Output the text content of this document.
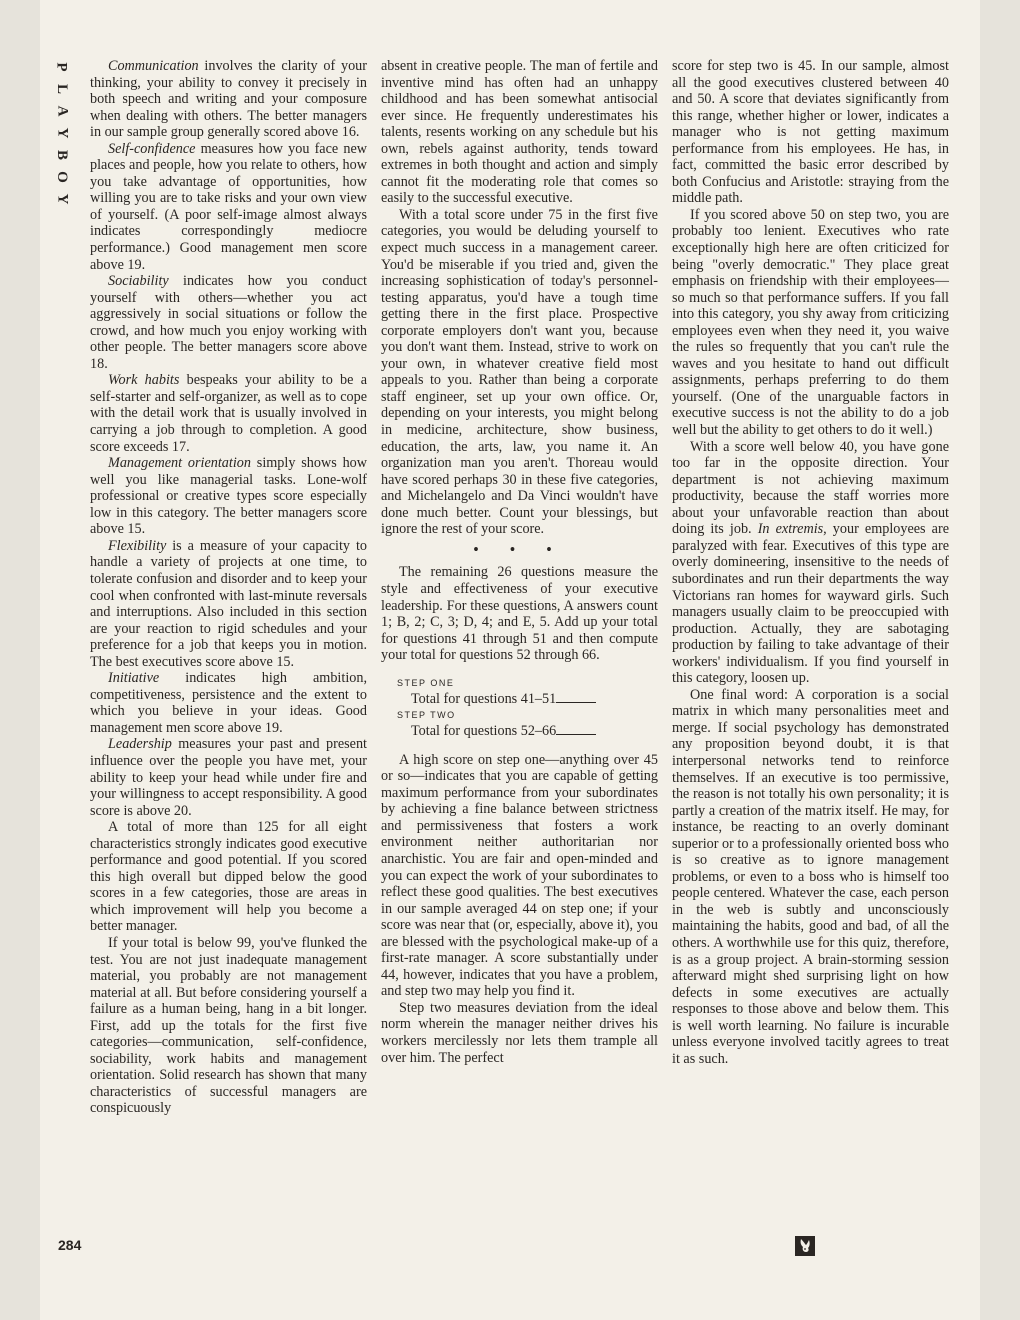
P
L
A
Y
B
O
Y
284

Communication involves the clarity of your thinking, your ability to convey it precisely in both speech and writing and your composure when dealing with others. The better managers in our sample group generally scored above 16.

Self-confidence measures how you face new places and people, how you relate to others, how you take advantage of opportunities, how willing you are to take risks and your own view of yourself. (A poor self-image almost always indicates correspondingly mediocre performance.) Good management men score above 19.

Sociability indicates how you conduct yourself with others—whether you act aggressively in social situations or follow the crowd, and how much you enjoy working with other people. The better managers score above 18.

Work habits bespeaks your ability to be a self-starter and self-organizer, as well as to cope with the detail work that is usually involved in carrying a job through to completion. A good score exceeds 17.

Management orientation simply shows how well you like managerial tasks. Lone-wolf professional or creative types score especially low in this category. The better managers score above 15.

Flexibility is a measure of your capacity to handle a variety of projects at one time, to tolerate confusion and disorder and to keep your cool when confronted with last-minute reversals and interruptions. Also included in this section are your reaction to rigid schedules and your preference for a job that keeps you in motion. The best executives score above 15.

Initiative indicates high ambition, competitiveness, persistence and the extent to which you believe in your ideas. Good management men score above 19.

Leadership measures your past and present influence over the people you have met, your ability to keep your head while under fire and your willingness to accept responsibility. A good score is above 20.

A total of more than 125 for all eight characteristics strongly indicates good executive performance and good potential. If you scored this high overall but dipped below the good scores in a few categories, those are areas in which improvement will help you become a better manager.

If your total is below 99, you've flunked the test. You are not just inadequate management material, you probably are not management material at all. But before considering yourself a failure as a human being, hang in a bit longer. First, add up the totals for the first five categories—communication, self-confidence, sociability, work habits and management orientation. Solid research has shown that many characteristics of successful managers are conspicuously

absent in creative people. The man of fertile and inventive mind has often had an unhappy childhood and has been somewhat antisocial ever since. He frequently underestimates his talents, resents working on any schedule but his own, rebels against authority, tends toward extremes in both thought and action and simply cannot fit the moderating role that comes so easily to the successful executive.

With a total score under 75 in the first five categories, you would be deluding yourself to expect much success in a management career. You'd be miserable if you tried and, given the increasing sophistication of today's personnel-testing apparatus, you'd have a tough time getting there in the first place. Prospective corporate employers don't want you, because you don't want them. Instead, strive to work on your own, in whatever creative field most appeals to you. Rather than being a corporate staff engineer, set up your own office. Or, depending on your interests, you might belong in medicine, architecture, show business, education, the arts, law, you name it. An organization man you aren't. Thoreau would have scored perhaps 30 in these five categories, and Michelangelo and Da Vinci wouldn't have done much better. Count your blessings, but ignore the rest of your score.

• • •

The remaining 26 questions measure the style and effectiveness of your executive leadership. For these questions, A answers count 1; B, 2; C, 3; D, 4; and E, 5. Add up your total for questions 41 through 51 and then compute your total for questions 52 through 66.

STEP ONE
Total for questions 41–51
STEP TWO
Total for questions 52–66

A high score on step one—anything over 45 or so—indicates that you are capable of getting maximum performance from your subordinates by achieving a fine balance between strictness and permissiveness that fosters a work environment neither authoritarian nor anarchistic. You are fair and open-minded and you can expect the work of your subordinates to reflect these good qualities. The best executives in our sample averaged 44 on step one; if your score was near that (or, especially, above it), you are blessed with the psychological make-up of a first-rate manager. A score substantially under 44, however, indicates that you have a problem, and step two may help you find it.

Step two measures deviation from the ideal norm wherein the manager neither drives his workers mercilessly nor lets them trample all over him. The perfect

score for step two is 45. In our sample, almost all the good executives clustered between 40 and 50. A score that deviates significantly from this range, whether higher or lower, indicates a manager who is not getting maximum performance from his employees. He has, in fact, committed the basic error described by both Confucius and Aristotle: straying from the middle path.

If you scored above 50 on step two, you are probably too lenient. Executives who rate exceptionally high here are often criticized for being "overly democratic." They place great emphasis on friendship with their employees—so much so that performance suffers. If you fall into this category, you shy away from criticizing employees even when they need it, you waive the rules so frequently that you can't rule the waves and you hesitate to hand out difficult assignments, perhaps preferring to do them yourself. (One of the unarguable factors in executive success is not the ability to do a job well but the ability to get others to do it well.)

With a score well below 40, you have gone too far in the opposite direction. Your department is not achieving maximum productivity, because the staff worries more about your unfavorable reaction than about doing its job. In extremis, your employees are paralyzed with fear. Executives of this type are overly domineering, insensitive to the needs of subordinates and run their departments the way Victorians ran homes for wayward girls. Such managers usually claim to be preoccupied with production. Actually, they are sabotaging production by failing to take advantage of their workers' individualism. If you find yourself in this category, loosen up.

One final word: A corporation is a social matrix in which many personalities meet and merge. If social psychology has demonstrated any proposition beyond doubt, it is that interpersonal networks tend to reinforce themselves. If an executive is too permissive, the reason is not totally his own personality; it is partly a creation of the matrix itself. He may, for instance, be reacting to an overly dominant superior or to a professionally oriented boss who is so creative as to ignore management problems, or even to a boss who is himself too people centered. Whatever the case, each person in the web is subtly and unconsciously maintaining the habits, good and bad, of all the others. A worthwhile use for this quiz, therefore, is as a group project. A brain-storming session afterward might shed surprising light on how defects in some executives are actually responses to those above and below them. This is well worth learning. No failure is incurable unless everyone involved tacitly agrees to treat it as such.
